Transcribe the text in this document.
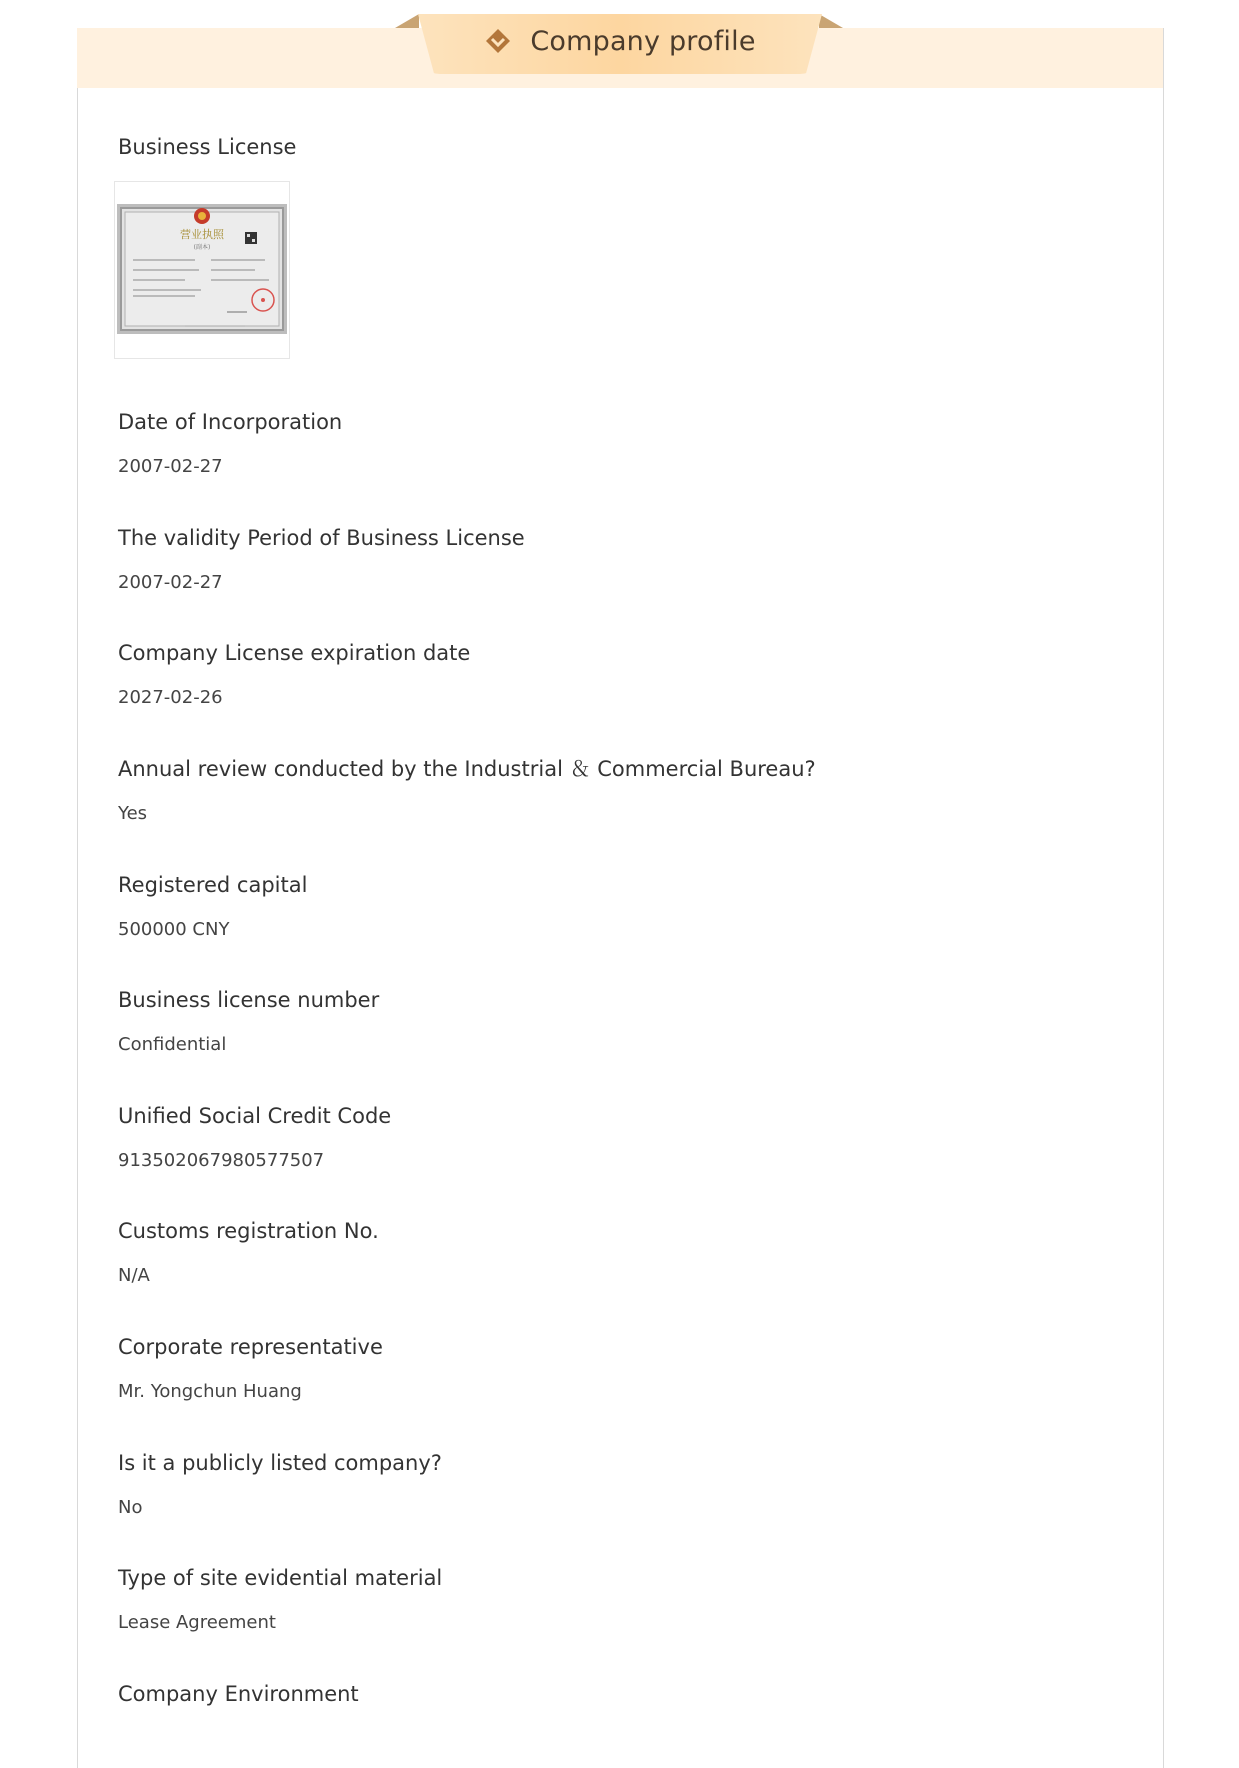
Company profile
Business License
营业执照
(副本)
Date of Incorporation
2007-02-27
The validity Period of Business License
2007-02-27
Company License expiration date
2027-02-26
Annual review conducted by the Industrial ＆ Commercial Bureau?
Yes
Registered capital
500000 CNY
Business license number
Confidential
Unified Social Credit Code
913502067980577507
Customs registration No.
N/A
Corporate representative
Mr. Yongchun Huang
Is it a publicly listed company?
No
Type of site evidential material
Lease Agreement
Company Environment
